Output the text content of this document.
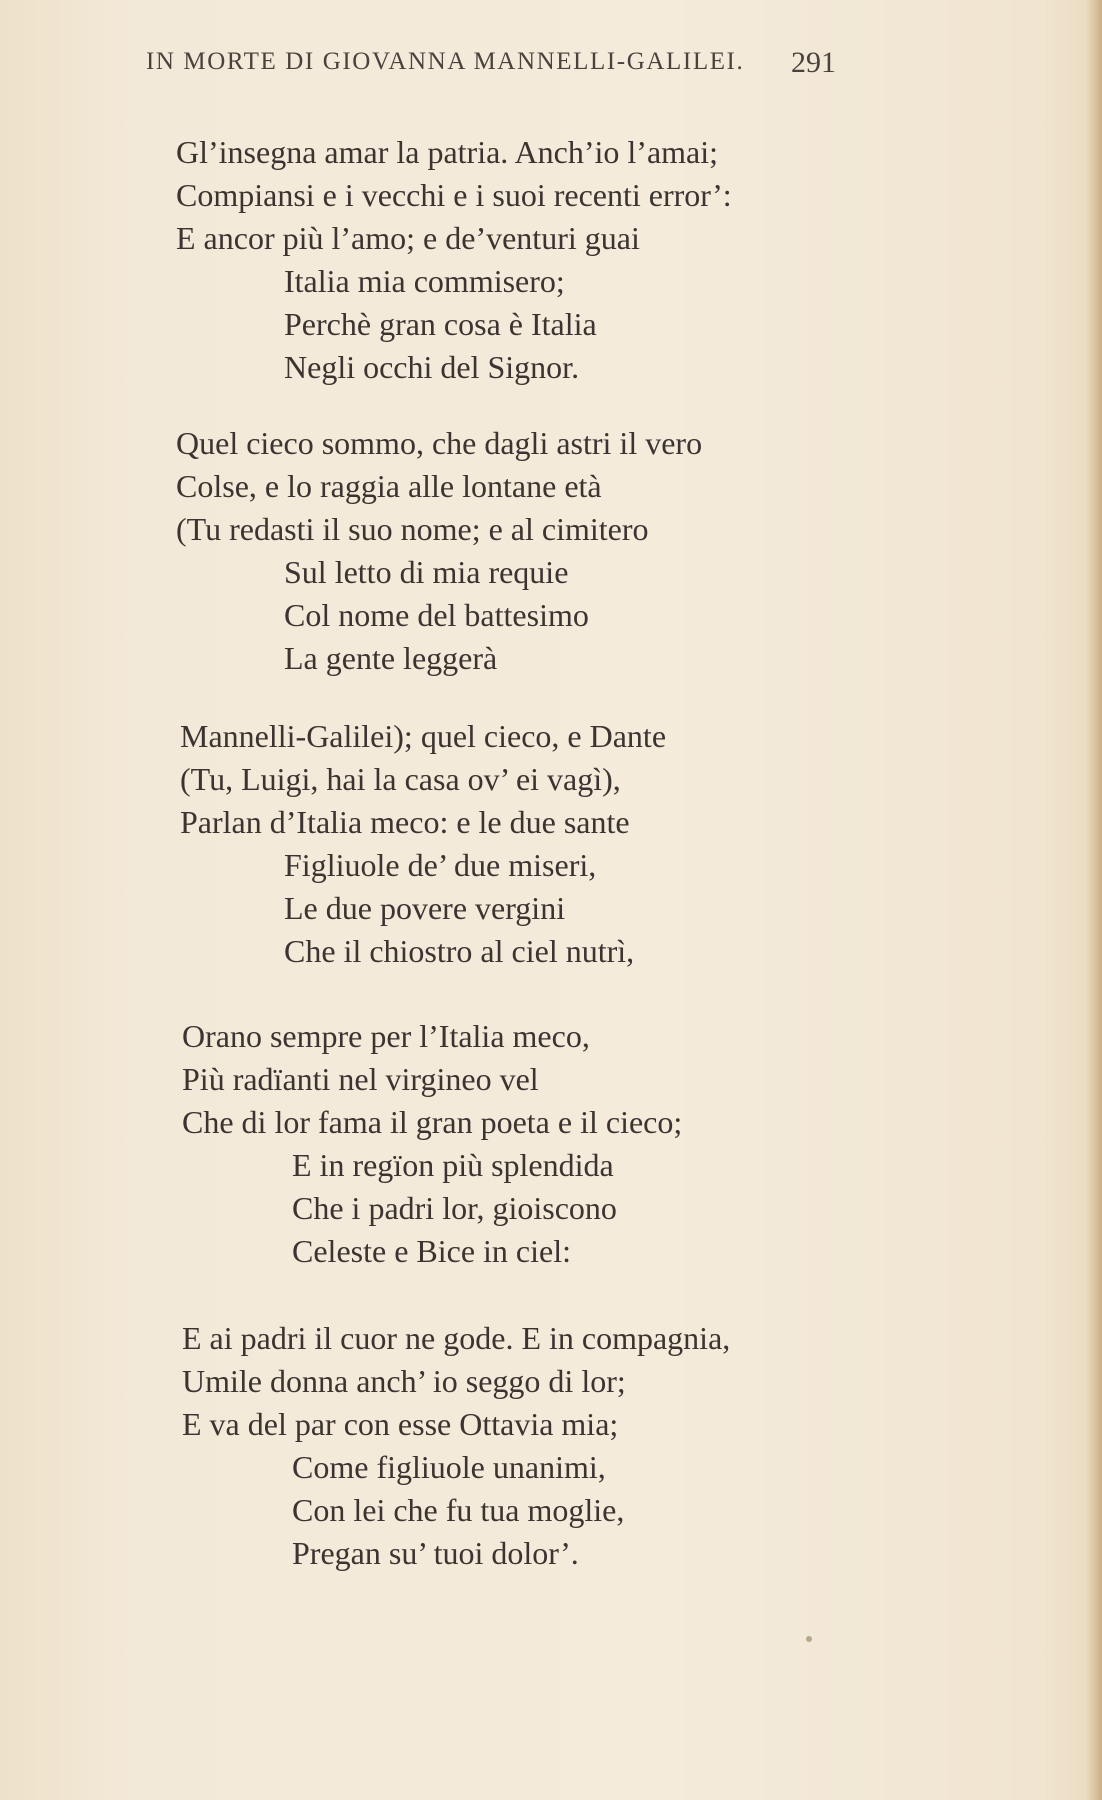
IN MORTE DI GIOVANNA MANNELLI-GALILEI. 291
Gl’insegna amar la patria. Anch’io l’amai;
Compiansi e i vecchi e i suoi recenti error’:
E ancor più l’amo; e de’venturi guai
Italia mia commisero;
Perchè gran cosa è Italia
Negli occhi del Signor.
Quel cieco sommo, che dagli astri il vero
Colse, e lo raggia alle lontane età
(Tu redasti il suo nome; e al cimitero
Sul letto di mia requie
Col nome del battesimo
La gente leggerà
Mannelli-Galilei); quel cieco, e Dante
(Tu, Luigi, hai la casa ov’ ei vagì),
Parlan d’Italia meco: e le due sante
Figliuole de’ due miseri,
Le due povere vergini
Che il chiostro al ciel nutrì,
Orano sempre per l’Italia meco,
Più radïanti nel virgineo vel
Che di lor fama il gran poeta e il cieco;
E in regïon più splendida
Che i padri lor, gioiscono
Celeste e Bice in ciel:
E ai padri il cuor ne gode. E in compagnia,
Umile donna anch’ io seggo di lor;
E va del par con esse Ottavia mia;
Come figliuole unanimi,
Con lei che fu tua moglie,
Pregan su’ tuoi dolor’.
